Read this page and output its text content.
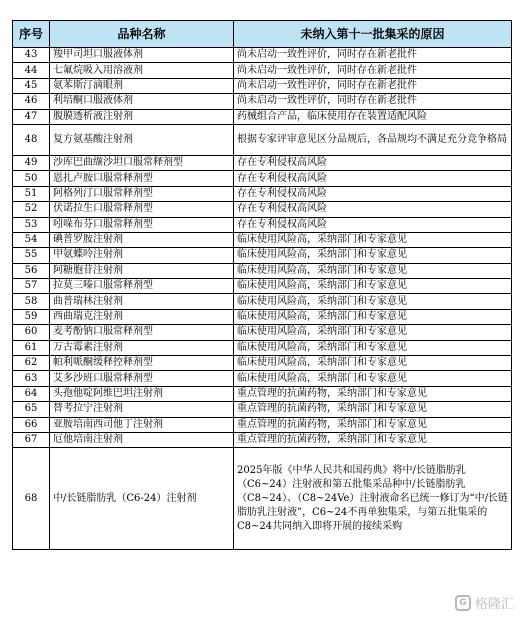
序号	品种名称	未纳入第十一批集采的原因
43	羧甲司坦口服液体剂	尚未启动一致性评价，同时存在新老批件
44	七氟烷吸入用溶液剂	尚未启动一致性评价，同时存在新老批件
45	氨苯斯汀滴眼剂	尚未启动一致性评价，同时存在新老批件
46	利培酮口服液体剂	尚未启动一致性评价，同时存在新老批件
47	腹膜透析液注射剂	药械组合产品，临床使用存在装置适配风险
48	复方氨基酸注射剂	根据专家评审意见区分品规后，各品规均不满足充分竞争格局
49	沙库巴曲缬沙坦口服常释剂型	存在专利侵权高风险
50	恩扎卢胺口服常释剂型	存在专利侵权高风险
51	阿格列汀口服常释剂型	存在专利侵权高风险
52	伏诺拉生口服常释剂型	存在专利侵权高风险
53	吲哚布芬口服常释剂型	存在专利侵权高风险
54	碘普罗胺注射剂	临床使用风险高，采纳部门和专家意见
55	甲氨蝶呤注射剂	临床使用风险高，采纳部门和专家意见
56	阿糖胞苷注射剂	临床使用风险高，采纳部门和专家意见
57	拉莫三嗪口服常释剂型	临床使用风险高，采纳部门和专家意见
58	曲普瑞林注射剂	临床使用风险高，采纳部门和专家意见
59	西曲瑞克注射剂	临床使用风险高，采纳部门和专家意见
60	麦考酚钠口服常释剂型	临床使用风险高，采纳部门和专家意见
61	万古霉素注射剂	临床使用风险高，采纳部门和专家意见
62	帕利哌酮缓释控释剂型	临床使用风险高，采纳部门和专家意见
63	艾多沙班口服常释剂型	临床使用风险高，采纳部门和专家意见
64	头孢他啶阿维巴坦注射剂	重点管理的抗菌药物，采纳部门和专家意见
65	替考拉宁注射剂	重点管理的抗菌药物，采纳部门和专家意见
66	亚胺培南西司他丁注射剂	重点管理的抗菌药物，采纳部门和专家意见
67	厄他培南注射剂	重点管理的抗菌药物，采纳部门和专家意见
68	中/长链脂肪乳（C6-24）注射剂	2025年版《中华人民共和国药典》将中/长链脂肪乳（C6~24）注射液和第五批集采品种中/长链脂肪乳（C8~24）、（C8~24Ve）注射液命名已统一修订为“中/长链脂肪乳注射液”，C6~24不再单独集采，与第五批集采的C8~24共同纳入即将开展的接续采购
G 格隆汇
